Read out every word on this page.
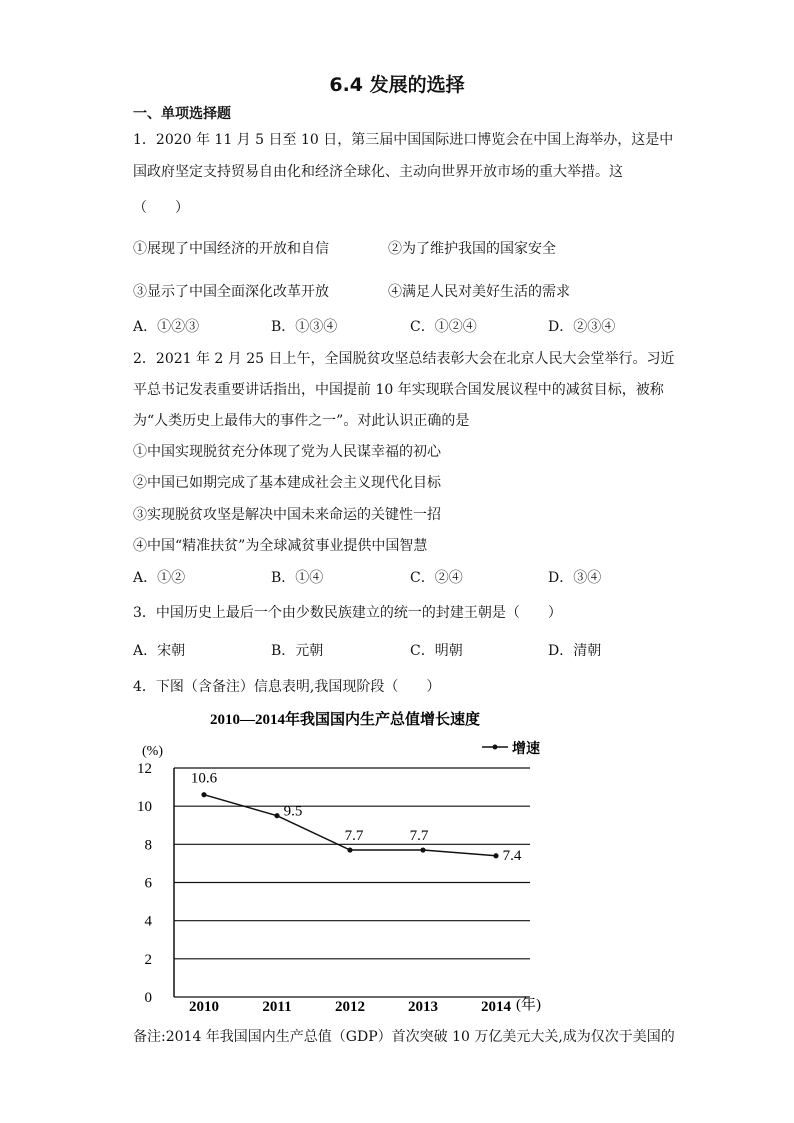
6.4 发展的选择
一、单项选择题
1．2020 年 11 月 5 日至 10 日，第三届中国国际进口博览会在中国上海举办，这是中
国政府坚定支持贸易自由化和经济全球化、主动向世界开放市场的重大举措。这
（　　）
①展现了中国经济的开放和自信	②为了维护我国的国家安全
③显示了中国全面深化改革开放	④满足人民对美好生活的需求
A．①②③	B．①③④	C．①②④	D．②③④
2．2021 年 2 月 25 日上午，全国脱贫攻坚总结表彰大会在北京人民大会堂举行。习近
平总书记发表重要讲话指出，中国提前 10 年实现联合国发展议程中的减贫目标，被称
为“人类历史上最伟大的事件之一”。对此认识正确的是
①中国实现脱贫充分体现了党为人民谋幸福的初心
②中国已如期完成了基本建成社会主义现代化目标
③实现脱贫攻坚是解决中国未来命运的关键性一招
④中国“精准扶贫”为全球减贫事业提供中国智慧
A．①②	B．①④	C．②④	D．③④
3．中国历史上最后一个由少数民族建立的统一的封建王朝是（　　）
A．宋朝	B．元朝	C．明朝	D．清朝
4．下图（含备注）信息表明,我国现阶段（　　）
2010—2014年我国国内生产总值增长速度
(%)	增速
0
2
4
6
8
10
12
2010	2011	2012	2013	2014
10.6
9.5
7.7	7.7
7.4
(年)
备注:2014 年我国国内生产总值（GDP）首次突破 10 万亿美元大关,成为仅次于美国的
